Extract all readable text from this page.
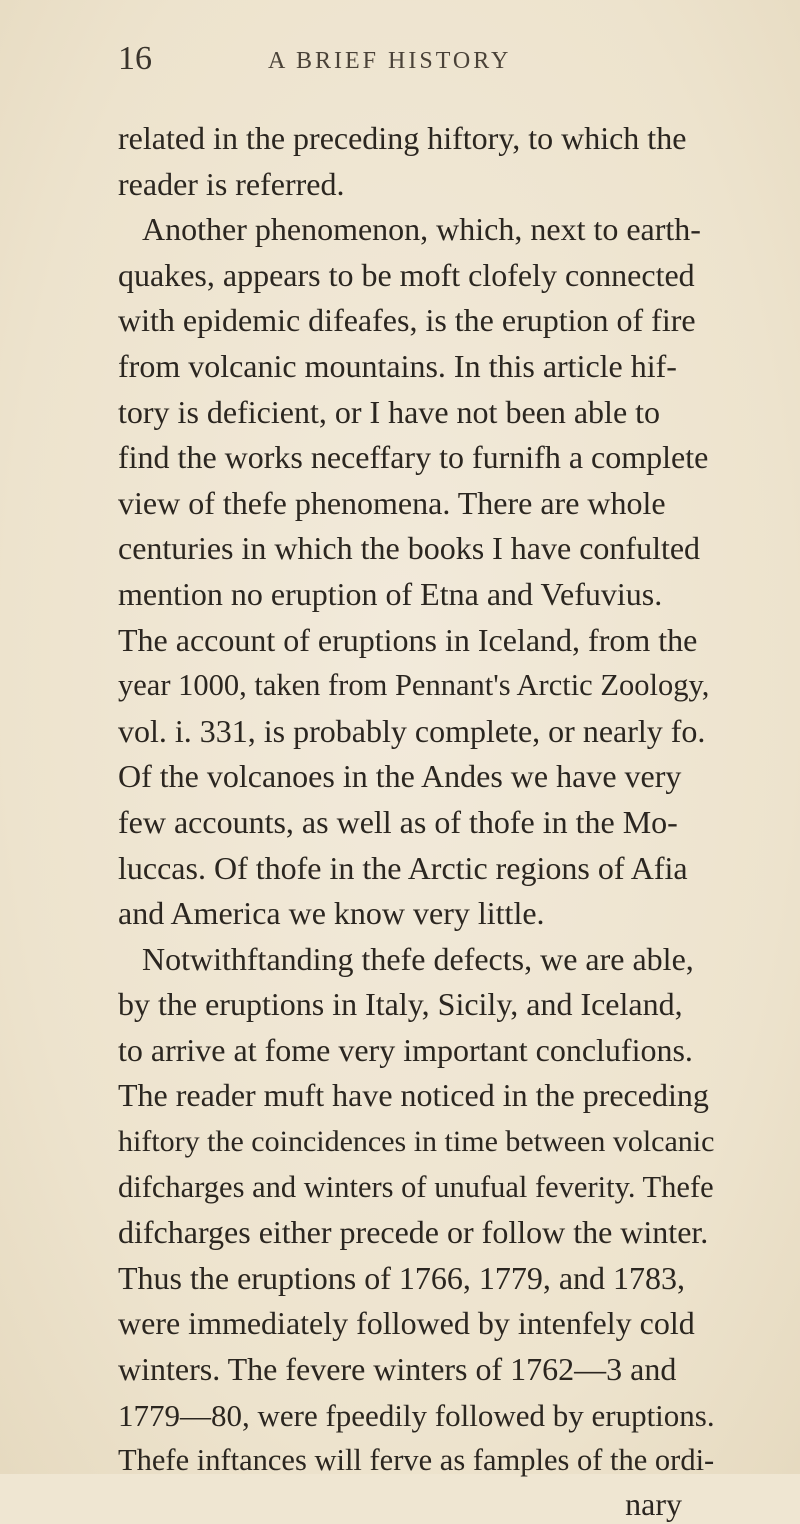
16	A BRIEF HISTORY
related in the preceding hiftory, to which the
reader is referred.
Another phenomenon, which, next to earth-
quakes, appears to be moft clofely connected
with epidemic difeafes, is the eruption of fire
from volcanic mountains. In this article hif-
tory is deficient, or I have not been able to
find the works neceffary to furnifh a complete
view of thefe phenomena. There are whole
centuries in which the books I have confulted
mention no eruption of Etna and Vefuvius.
The account of eruptions in Iceland, from the
year 1000, taken from Pennant's Arctic Zoology,
vol. i. 331, is probably complete, or nearly fo.
Of the volcanoes in the Andes we have very
few accounts, as well as of thofe in the Mo-
luccas. Of thofe in the Arctic regions of Afia
and America we know very little.
Notwithftanding thefe defects, we are able,
by the eruptions in Italy, Sicily, and Iceland,
to arrive at fome very important conclufions.
The reader muft have noticed in the preceding
hiftory the coincidences in time between volcanic
difcharges and winters of unufual feverity. Thefe
difcharges either precede or follow the winter.
Thus the eruptions of 1766, 1779, and 1783,
were immediately followed by intenfely cold
winters. The fevere winters of 1762—3 and
1779—80, were fpeedily followed by eruptions.
Thefe inftances will ferve as famples of the ordi-
nary
